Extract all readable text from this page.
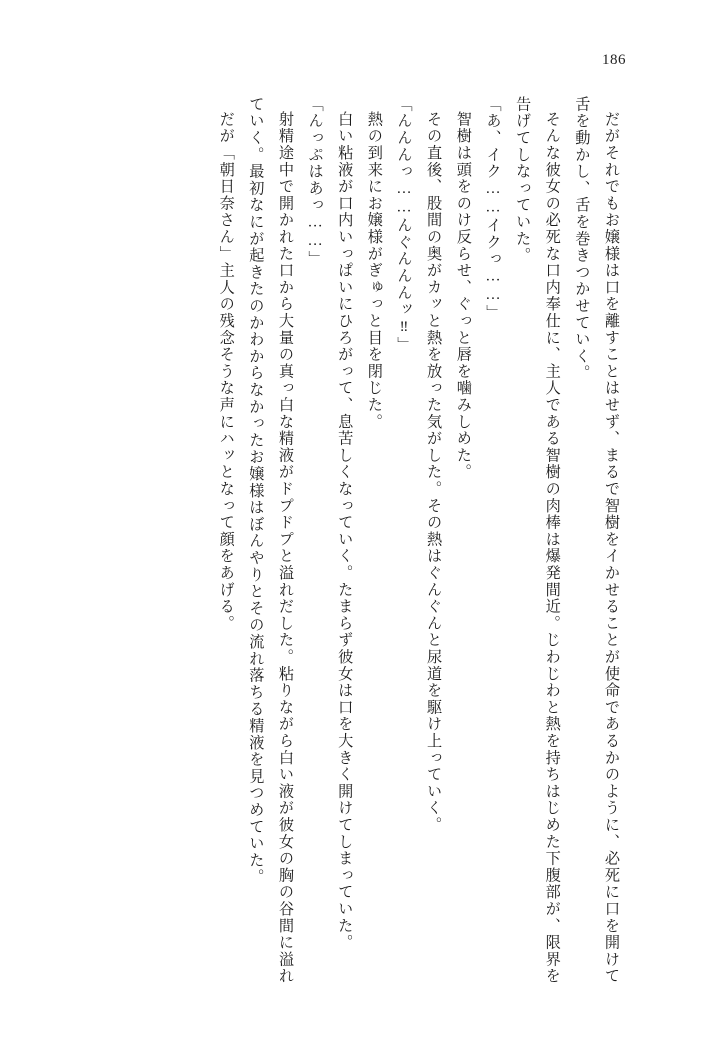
186

だがそれでもお嬢様は口を離すことはせず、まるで智樹をイかせることが使命であるかのように、必死に口を開けて舌を動かし、舌を巻きつかせていく。

そんな彼女の必死な口内奉仕に、主人である智樹の肉棒は爆発間近。じわじわと熱を持ちはじめた下腹部が、限界を告げてしなっていた。

「あ、イク……イクっ……」

智樹は頭をのけ反らせ、ぐっと唇を噛みしめた。

その直後、股間の奥がカッと熱を放った気がした。その熱はぐんぐんと尿道を駆け上っていく。

「んんんっ……んぐんんんッ‼」

熱の到来にお嬢様がぎゅっと目を閉じた。

白い粘液が口内いっぱいにひろがって、息苦しくなっていく。たまらず彼女は口を大きく開けてしまっていた。

「んっぷはあっ……」

射精途中で開かれた口から大量の真っ白な精液がドプドプと溢れだした。粘りながら白い液が彼女の胸の谷間に溢れていく。最初なにが起きたのかわからなかったお嬢様はぼんやりとその流れ落ちる精液を見つめていた。

だが「朝日奈さん」主人の残念そうな声にハッとなって顔をあげる。
